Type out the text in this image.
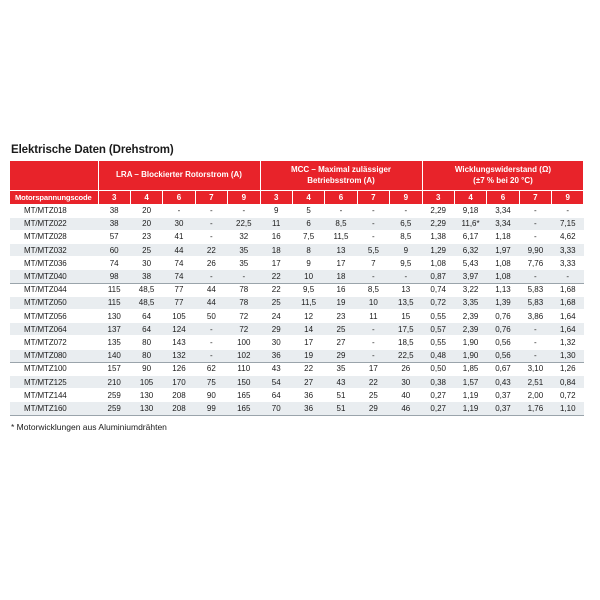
Elektrische Daten (Drehstrom)

	LRA – Blockierter Rotorstrom (A)					MCC – Maximal zulässiger Betriebsstrom (A)					Wicklungswiderstand (Ω)
(±7 % bei 20 °C)				

Motorspannungscode	3	4	6	7	9	3	4	6	7	9	3	4	6	7	9
MT/MTZ018	38	20	-	-	-	9	5	-	-	-	2,29	9,18	3,34	-	-
MT/MTZ022	38	20	30	-	22,5	11	6	8,5	-	6,5	2,29	11,6*	3,34	-	7,15
MT/MTZ028	57	23	41	-	32	16	7,5	11,5	-	8,5	1,38	6,17	1,18	-	4,62
MT/MTZ032	60	25	44	22	35	18	8	13	5,5	9	1,29	6,32	1,97	9,90	3,33
MT/MTZ036	74	30	74	26	35	17	9	17	7	9,5	1,08	5,43	1,08	7,76	3,33
MT/MTZ040	98	38	74	-	-	22	10	18	-	-	0,87	3,97	1,08	-	-
MT/MTZ044	115	48,5	77	44	78	22	9,5	16	8,5	13	0,74	3,22	1,13	5,83	1,68
MT/MTZ050	115	48,5	77	44	78	25	11,5	19	10	13,5	0,72	3,35	1,39	5,83	1,68
MT/MTZ056	130	64	105	50	72	24	12	23	11	15	0,55	2,39	0,76	3,86	1,64
MT/MTZ064	137	64	124	-	72	29	14	25	-	17,5	0,57	2,39	0,76	-	1,64
MT/MTZ072	135	80	143	-	100	30	17	27	-	18,5	0,55	1,90	0,56	-	1,32
MT/MTZ080	140	80	132	-	102	36	19	29	-	22,5	0,48	1,90	0,56	-	1,30
MT/MTZ100	157	90	126	62	110	43	22	35	17	26	0,50	1,85	0,67	3,10	1,26
MT/MTZ125	210	105	170	75	150	54	27	43	22	30	0,38	1,57	0,43	2,51	0,84
MT/MTZ144	259	130	208	90	165	64	36	51	25	40	0,27	1,19	0,37	2,00	0,72
MT/MTZ160	259	130	208	99	165	70	36	51	29	46	0,27	1,19	0,37	1,76	1,10
* Motorwicklungen aus Aluminiumdrähten
